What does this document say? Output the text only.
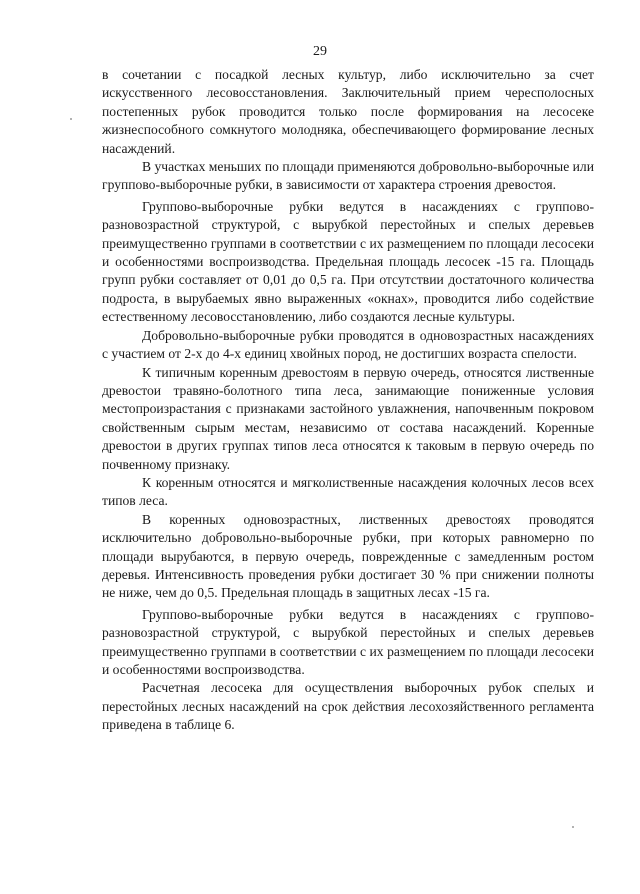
29

в сочетании с посадкой лесных культур, либо исключительно за счет искусственного лесовосстановления. Заключительный прием чересполосных постепенных рубок проводится только после формирования на лесосеке жизнеспособного сомкнутого молодняка, обеспечивающего формирование лесных насаждений.

В участках меньших по площади применяются добровольно-выборочные или группово-выборочные рубки, в зависимости от характера строения древостоя.

Группово-выборочные рубки ведутся в насаждениях с группово-разновозрастной структурой, с вырубкой перестойных и спелых деревьев преимущественно группами в соответствии с их размещением по площади лесосеки и особенностями воспроизводства. Предельная площадь лесосек -15 га. Площадь групп рубки составляет от 0,01 до 0,5 га. При отсутствии достаточного количества подроста, в вырубаемых явно выраженных «окнах», проводится либо содействие естественному лесовосстановлению, либо создаются лесные культуры.

Добровольно-выборочные рубки проводятся в одновозрастных насаждениях с участием от 2-х до 4-х единиц хвойных пород, не достигших возраста спелости.

К типичным коренным древостоям в первую очередь, относятся лиственные древостои травяно-болотного типа леса, занимающие пониженные условия местопроизрастания с признаками застойного увлажнения, напочвенным покровом свойственным сырым местам, независимо от состава насаждений. Коренные древостои в других группах типов леса относятся к таковым в первую очередь по почвенному признаку.

К коренным относятся и мягколиственные насаждения колочных лесов всех типов леса.

В коренных одновозрастных, лиственных древостоях проводятся исключительно добровольно-выборочные рубки, при которых равномерно по площади вырубаются, в первую очередь, поврежденные с замедленным ростом деревья. Интенсивность проведения рубки достигает 30 % при снижении полноты не ниже, чем до 0,5. Предельная площадь в защитных лесах -15 га.

Группово-выборочные рубки ведутся в насаждениях с группово-разновозрастной структурой, с вырубкой перестойных и спелых деревьев преимущественно группами в соответствии с их размещением по площади лесосеки и особенностями воспроизводства.

Расчетная лесосека для осуществления выборочных рубок спелых и перестойных лесных насаждений на срок действия лесохозяйственного регламента приведена в таблице 6.
